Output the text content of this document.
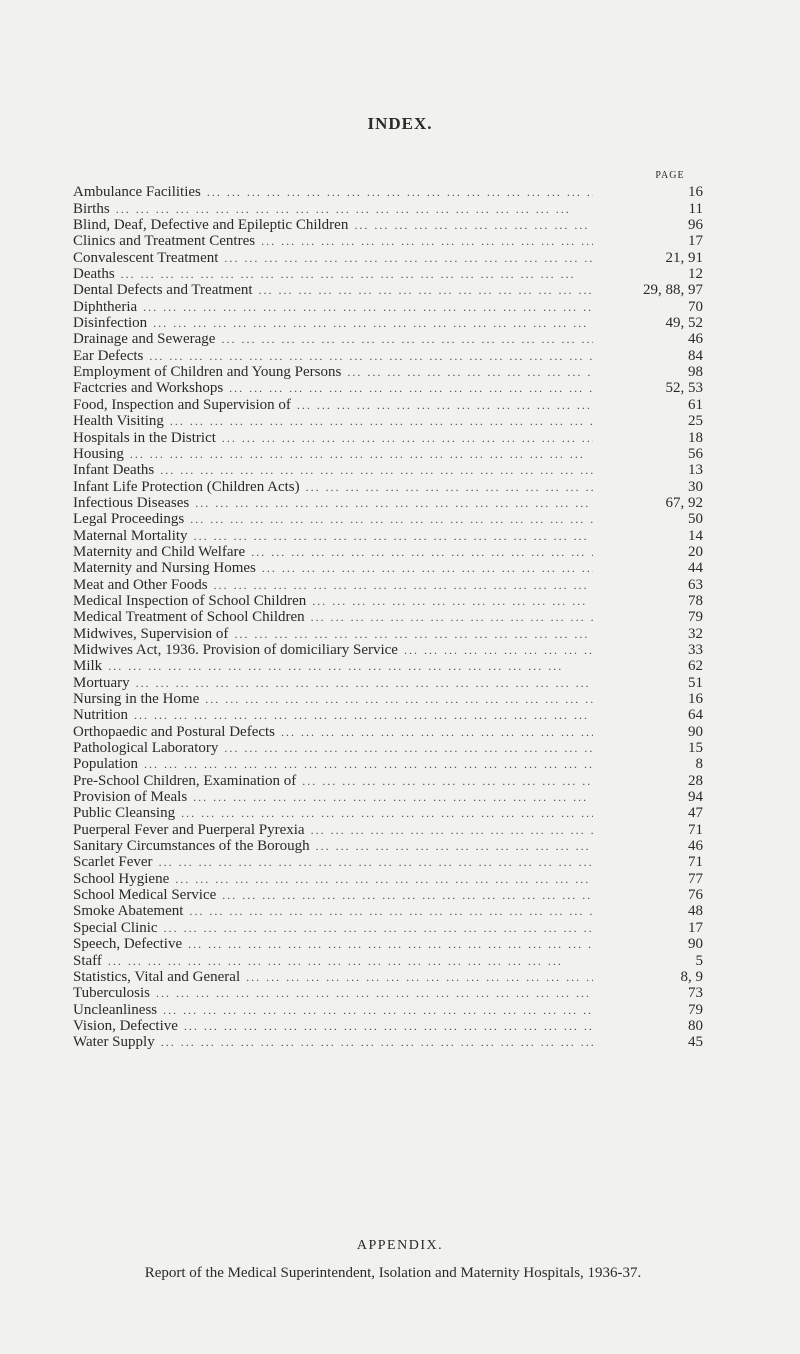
INDEX.
PAGE
Ambulance Facilities ... .	16
Births ... .	11
Blind, Deaf, Defective and Epileptic Children ... .	96
Clinics and Treatment Centres ... .	17
Convalescent Treatment ... .	21, 91
Deaths ... .	12
Dental Defects and Treatment ... .	29, 88, 97
Diphtheria ... .	70
Disinfection ... .	49, 52
Drainage and Sewerage ... .	46
Ear Defects ... .	84
Employment of Children and Young Persons ... .	98
Factcries and Workshops ... .	52, 53
Food, Inspection and Supervision of ... .	61
Health Visiting ... .	25
Hospitals in the District ... .	18
Housing ... .	56
Infant Deaths ... .	13
Infant Life Protection (Children Acts) ... .	30
Infectious Diseases ... .	67, 92
Legal Proceedings ... .	50
Maternal Mortality ... .	14
Maternity and Child Welfare ... .	20
Maternity and Nursing Homes ... .	44
Meat and Other Foods ... .	63
Medical Inspection of School Children ... .	78
Medical Treatment of School Children ... .	79
Midwives, Supervision of ... .	32
Midwives Act, 1936. Provision of domiciliary Service ... .	33
Milk ... .	62
Mortuary ... .	51
Nursing in the Home ... .	16
Nutrition ... .	64
Orthopaedic and Postural Defects ... .	90
Pathological Laboratory ... .	15
Population ... .	8
Pre-School Children, Examination of ... .	28
Provision of Meals ... .	94
Public Cleansing ... .	47
Puerperal Fever and Puerperal Pyrexia ... .	71
Sanitary Circumstances of the Borough ... .	46
Scarlet Fever ... .	71
School Hygiene ... .	77
School Medical Service ... .	76
Smoke Abatement ... .	48
Special Clinic ... .	17
Speech, Defective ... .	90
Staff ... .	5
Statistics, Vital and General ... .	8, 9
Tuberculosis ... .	73
Uncleanliness ... .	79
Vision, Defective ... .	80
Water Supply ... .	45
APPENDIX.
Report of the Medical Superintendent, Isolation and Maternity Hospitals, 1936-37.
